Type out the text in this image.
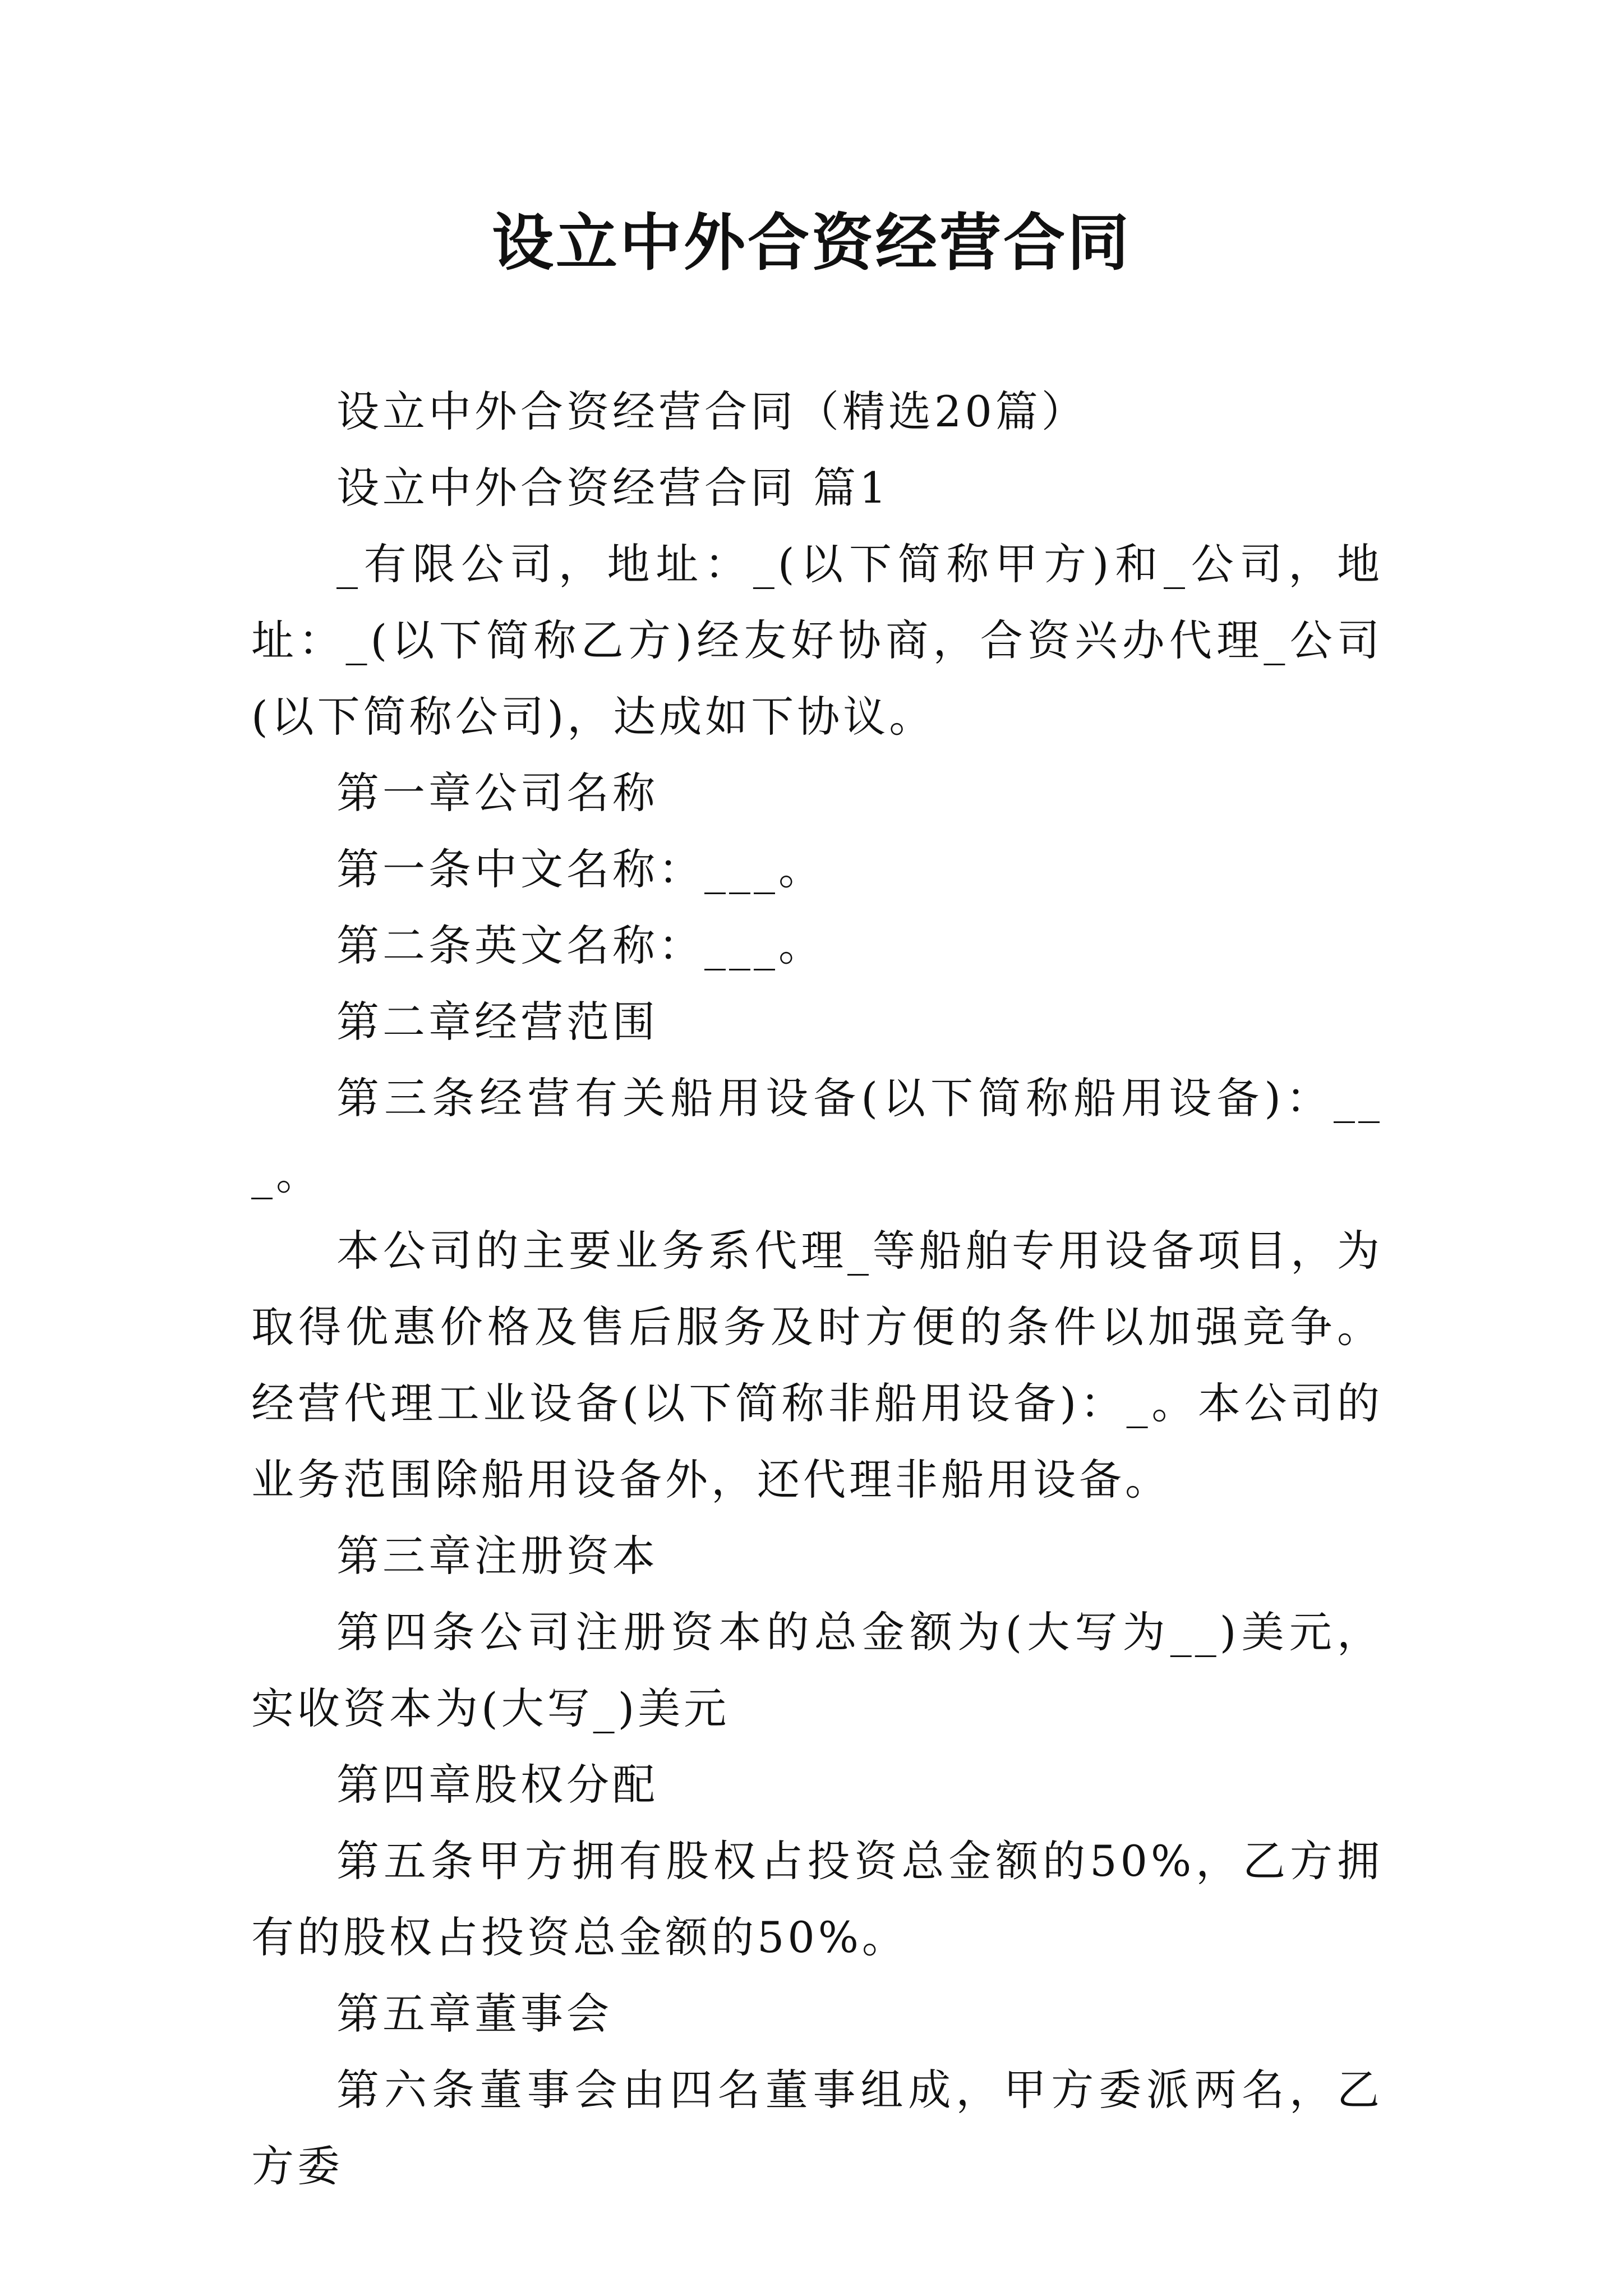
设立中外合资经营合同

设立中外合资经营合同（精选20篇）

设立中外合资经营合同 篇1

_有限公司，地址：_(以下简称甲方)和_公司，地址：_(以下简称乙方)经友好协商，合资兴办代理_公司(以下简称公司)，达成如下协议。

第一章公司名称

第一条中文名称：___。

第二条英文名称：___。

第二章经营范围

第三条经营有关船用设备(以下简称船用设备)：___。

本公司的主要业务系代理_等船舶专用设备项目，为取得优惠价格及售后服务及时方便的条件以加强竞争。经营代理工业设备(以下简称非船用设备)：_。本公司的业务范围除船用设备外，还代理非船用设备。

第三章注册资本

第四条公司注册资本的总金额为(大写为__)美元，实收资本为(大写_)美元

第四章股权分配

第五条甲方拥有股权占投资总金额的50%，乙方拥有的股权占投资总金额的50%。

第五章董事会

第六条董事会由四名董事组成，甲方委派两名，乙方委
